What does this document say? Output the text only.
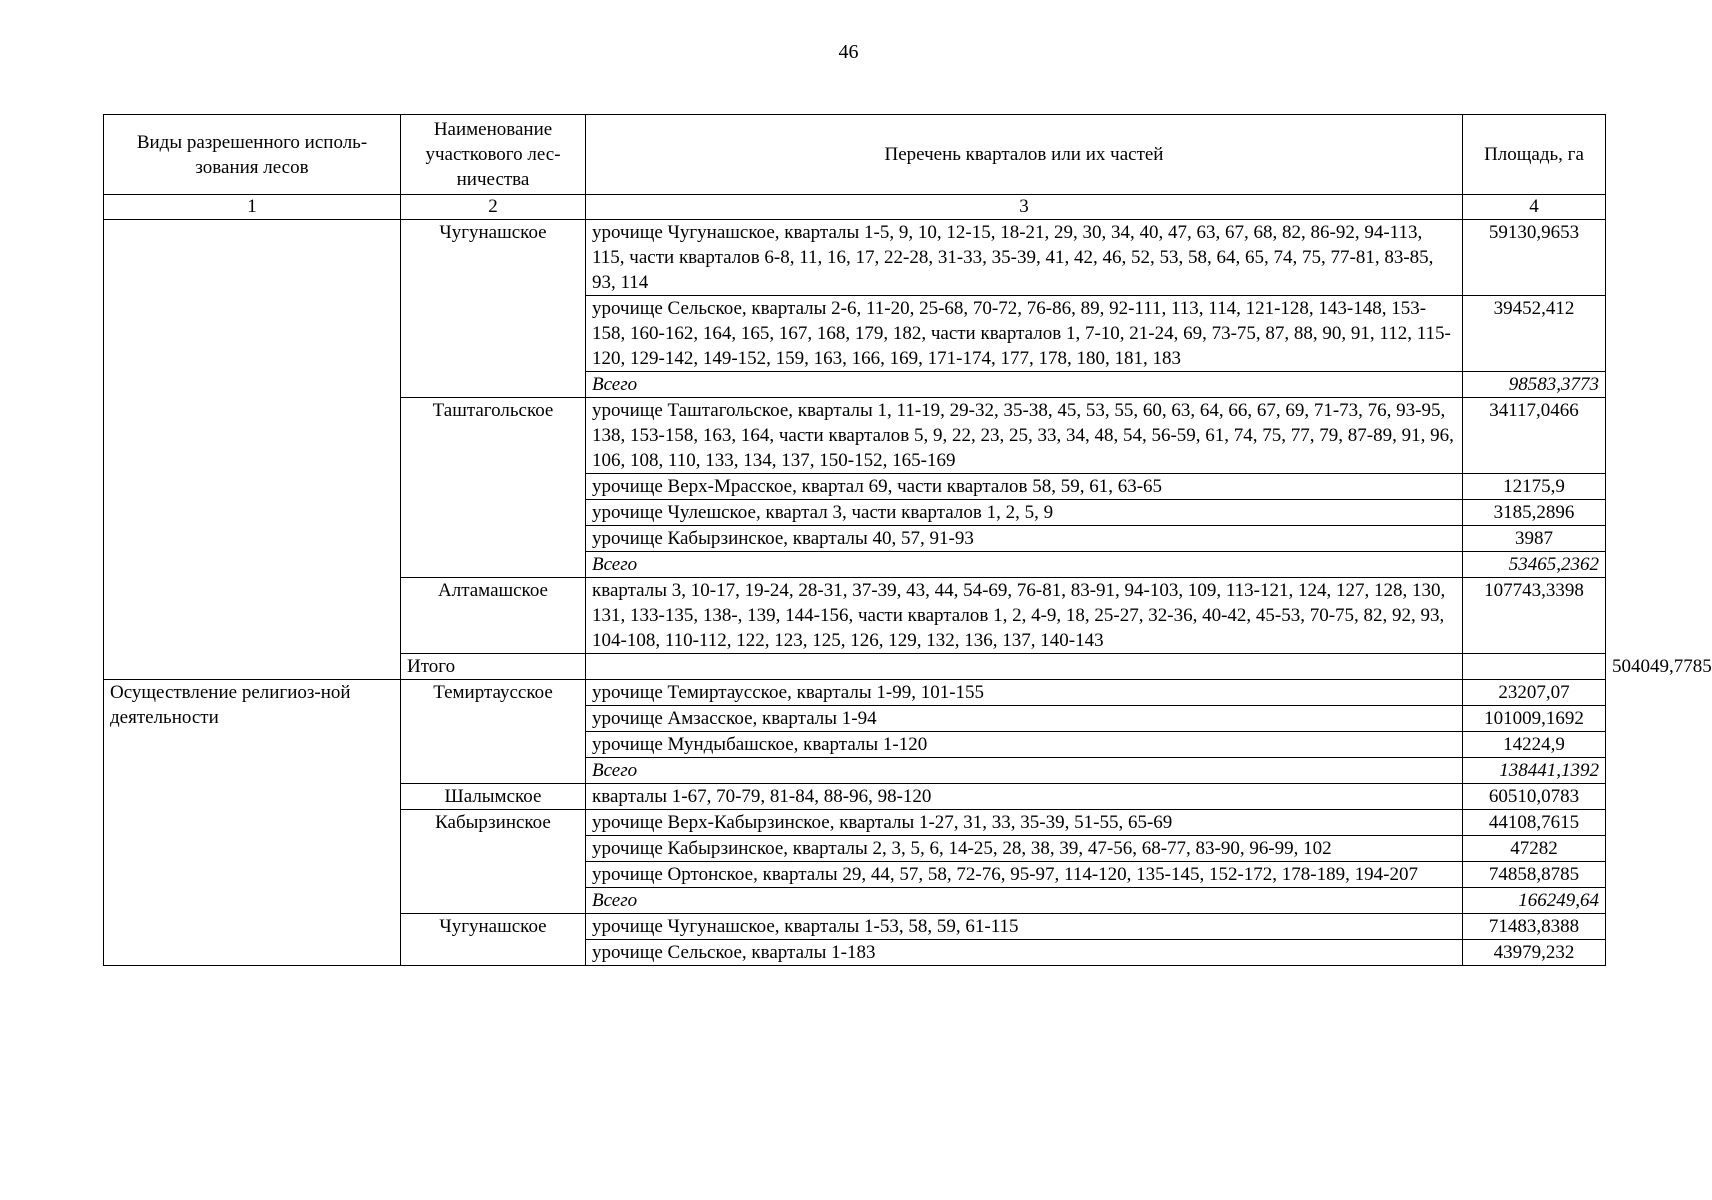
46
Виды разрешенного исполь-зования лесов	Наименование участкового лес-ничества	Перечень кварталов или их частей	Площадь, га	
1	2	3	4	
	Чугунашское	урочище Чугунашское, кварталы 1-5, 9, 10, 12-15, 18-21, 29, 30, 34, 40, 47, 63, 67, 68, 82, 86-92, 94-113, 115, части кварталов 6-8, 11, 16, 17, 22-28, 31-33, 35-39, 41, 42, 46, 52, 53, 58, 64, 65, 74, 75, 77-81, 83-85, 93, 114	59130,9653	
		урочище Сельское, кварталы 2-6, 11-20, 25-68, 70-72, 76-86, 89, 92-111, 113, 114, 121-128, 143-148, 153-158, 160-162, 164, 165, 167, 168, 179, 182, части кварталов 1, 7-10, 21-24, 69, 73-75, 87, 88, 90, 91, 112, 115-120, 129-142, 149-152, 159, 163, 166, 169, 171-174, 177, 178, 180, 181, 183	39452,412	
		Всего	98583,3773	
	Таштагольское	урочище Таштагольское, кварталы 1, 11-19, 29-32, 35-38, 45, 53, 55, 60, 63, 64, 66, 67, 69, 71-73, 76, 93-95, 138, 153-158, 163, 164, части кварталов 5, 9, 22, 23, 25, 33, 34, 48, 54, 56-59, 61, 74, 75, 77, 79, 87-89, 91, 96, 106, 108, 110, 133, 134, 137, 150-152, 165-169	34117,0466	
		урочище Верх-Мрасское, квартал 69, части кварталов 58, 59, 61, 63-65	12175,9	
		урочище Чулешское, квартал 3, части кварталов 1, 2, 5, 9	3185,2896	
		урочище Кабырзинское, кварталы 40, 57, 91-93	3987	
		Всего	53465,2362	
	Алтамашское	кварталы 3, 10-17, 19-24, 28-31, 37-39, 43, 44, 54-69, 76-81, 83-91, 94-103, 109, 113-121, 124, 127, 128, 130, 131, 133-135, 138-, 139, 144-156, части кварталов 1, 2, 4-9, 18, 25-27, 32-36, 40-42, 45-53, 70-75, 82, 92, 93, 104-108, 110-112, 122, 123, 125, 126, 129, 132, 136, 137, 140-143	107743,3398	
	Итого			504049,7785
Осуществление религиоз-ной деятельности	Темиртаусское	урочище Темиртаусское, кварталы 1-99, 101-155	23207,07	
		урочище Амзасское, кварталы 1-94	101009,1692	
		урочище Мундыбашское, кварталы 1-120	14224,9	
		Всего	138441,1392	
	Шалымское	кварталы 1-67, 70-79, 81-84, 88-96, 98-120	60510,0783	
	Кабырзинское	урочище Верх-Кабырзинское, кварталы 1-27, 31, 33, 35-39, 51-55, 65-69	44108,7615	
		урочище Кабырзинское, кварталы 2, 3, 5, 6, 14-25, 28, 38, 39, 47-56, 68-77, 83-90, 96-99, 102	47282	
		урочище Ортонское, кварталы 29, 44, 57, 58, 72-76, 95-97, 114-120, 135-145, 152-172, 178-189, 194-207	74858,8785	
		Всего	166249,64	
	Чугунашское	урочище Чугунашское, кварталы 1-53, 58, 59, 61-115	71483,8388	
		урочище Сельское, кварталы 1-183	43979,232	
